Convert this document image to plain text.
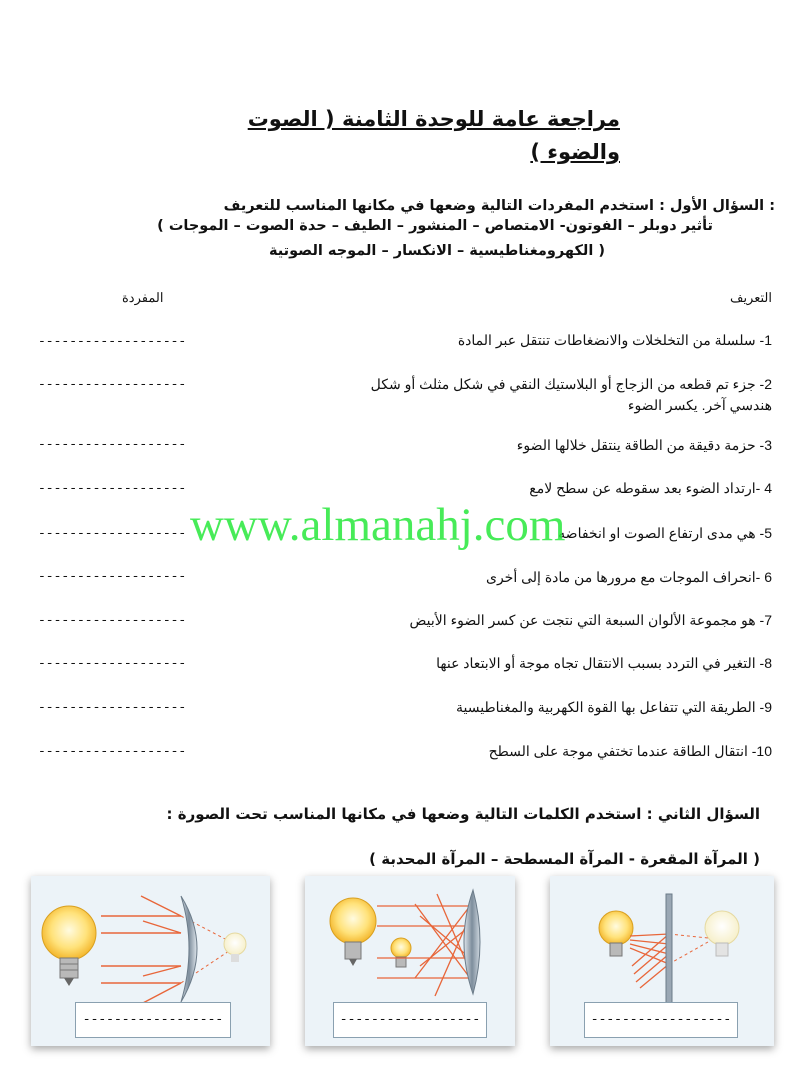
مراجعة عامة للوحدة الثامنة ( الصوت والضوء )
: السؤال الأول : استخدم المفردات التالية وضعها في مكانها المناسب للتعريف
تأثير دوبلر – الفوتون- الامتصاص – المنشور – الطيف – حدة الصوت – الموجات )
( الكهرومغناطيسية – الانكسار – الموجه الصوتية
التعريف
المفردة
1- سلسلة من التخلخلات والانضغاطات تنتقل عبر المادة
-------------------
2- جزء تم قطعه من الزجاج أو البلاستيك النقي في شكل مثلث أو شكل هندسي آخر. يكسر الضوء
-------------------
3- حزمة دقيقة من الطاقة ينتقل خلالها الضوء
-------------------
4 -ارتداد الضوء بعد سقوطه عن سطح لامع
-------------------
5- هي مدى ارتفاع الصوت او انخفاضه
-------------------
6 -انحراف الموجات مع مرورها من مادة إلى أخرى
-------------------
7- هو مجموعة الألوان السبعة التي نتجت عن كسر الضوء الأبيض
-------------------
8- التغير في التردد بسبب الانتقال تجاه موجة أو الابتعاد عنها
-------------------
9- الطريقة التي تتفاعل بها القوة الكهربية والمغناطيسية
-------------------
10- انتقال الطاقة عندما تختفي موجة على السطح
-------------------
www.almanahj.com
السؤال الثاني : استخدم الكلمات التالية وضعها في مكانها المناسب تحت الصورة :
( المرآة المقعرة - المرآة المسطحة – المرآة المحدبة )
------------------	------------------	------------------
